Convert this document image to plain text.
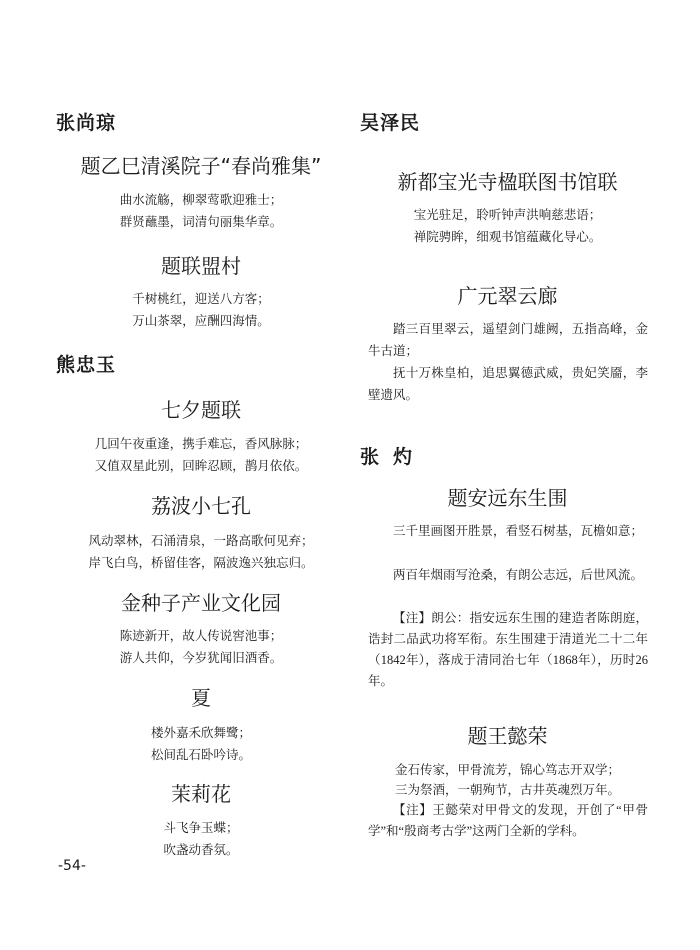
张尚琼
题乙巳清溪院子“春尚雅集”
曲水流觞，柳翠莺歌迎雅士；
群贤蘸墨，词清句丽集华章。
题联盟村
千树桃红，迎送八方客；
万山茶翠，应酬四海情。
熊忠玉
七夕题联
几回午夜重逢，携手难忘，香风脉脉；
又值双星此别，回眸忍顾，鹊月依依。
荔波小七孔
风动翠林，石涌清泉，一路高歌何见弃；
岸飞白鸟，桥留佳客，隔波逸兴独忘归。
金种子产业文化园
陈迹新开，故人传说窖池事；
游人共仰，今岁犹闻旧酒香。
夏
楼外嘉禾欣舞鹭；
松间乱石卧吟诗。
茉莉花
斗飞争玉蝶；
吹盏动香氛。
吴泽民
新都宝光寺楹联图书馆联
宝光驻足，聆听钟声洪响慈悲语；
禅院骋眸，细观书馆蕴藏化导心。
广元翠云廊
踏三百里翠云，遥望剑门雄阙，五指高峰，金牛古道；
抚十万株皇柏，追思翼德武威，贵妃笑靥，李壁遗风。
张灼
题安远东生围
三千里画图开胜景，看竖石树基，瓦檐如意；
两百年烟雨写沧桑，有朗公志远，后世风流。
【注】朗公：指安远东生围的建造者陈朗庭，诰封二品武功将军衔。东生围建于清道光二十二年（1842年），落成于清同治七年（1868年），历时26年。
题王懿荣
金石传家，甲骨流芳，锦心笃志开双学；
三为祭酒，一朝殉节，古井英魂烈万年。
【注】王懿荣对甲骨文的发现，开创了“甲骨学”和“殷商考古学”这两门全新的学科。
-54-
